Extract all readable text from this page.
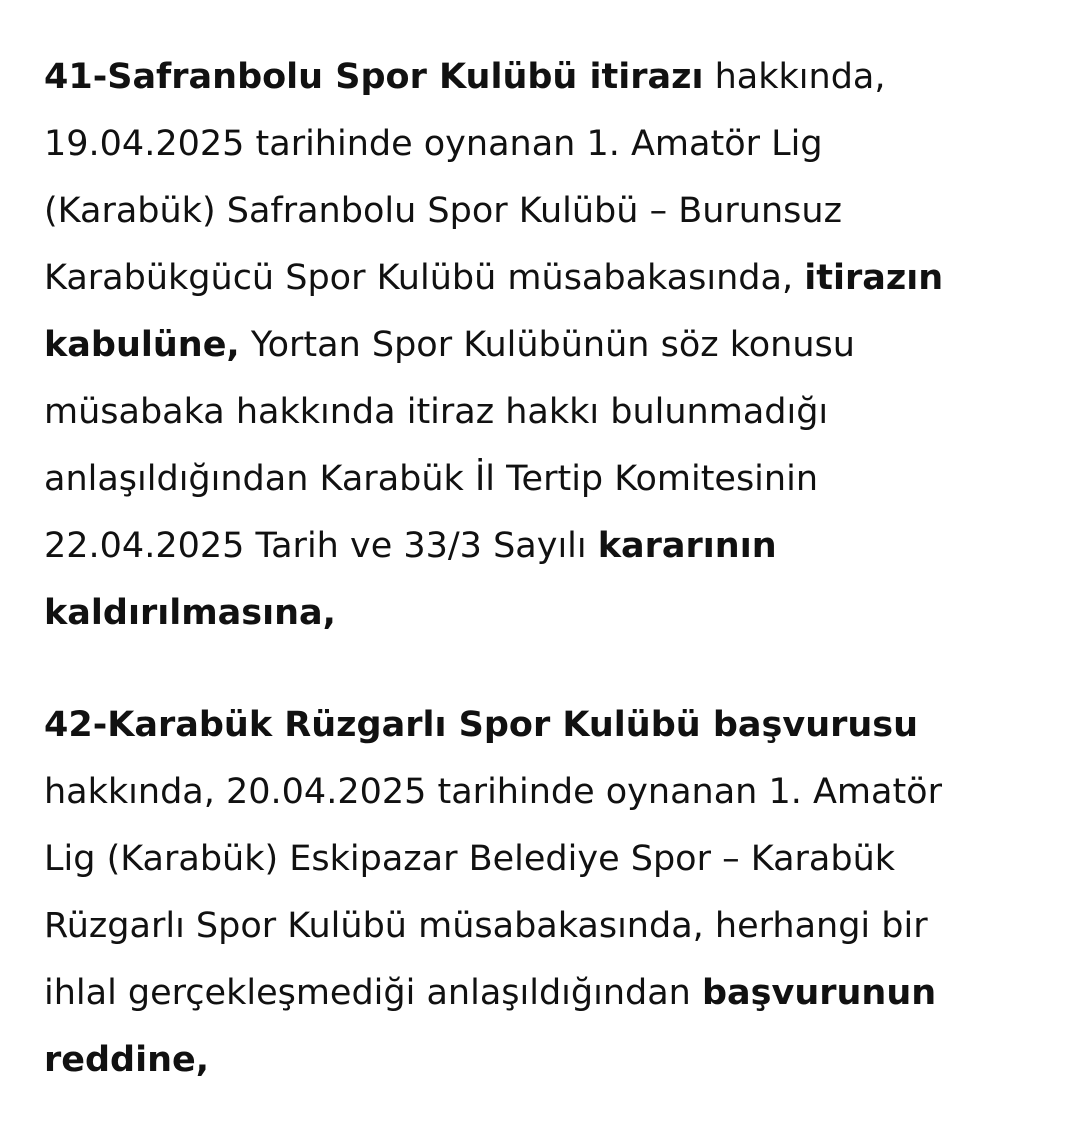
41-Safranbolu Spor Kulübü itirazı hakkında,
19.04.2025 tarihinde oynanan 1. Amatör Lig
(Karabük) Safranbolu Spor Kulübü – Burunsuz
Karabükgücü Spor Kulübü müsabakasında, itirazın
kabulüne, Yortan Spor Kulübünün söz konusu
müsabaka hakkında itiraz hakkı bulunmadığı
anlaşıldığından Karabük İl Tertip Komitesinin
22.04.2025 Tarih ve 33/3 Sayılı kararının
kaldırılmasına,

42-Karabük Rüzgarlı Spor Kulübü başvurusu
hakkında, 20.04.2025 tarihinde oynanan 1. Amatör
Lig (Karabük) Eskipazar Belediye Spor – Karabük
Rüzgarlı Spor Kulübü müsabakasında, herhangi bir
ihlal gerçekleşmediği anlaşıldığından başvurunun
reddine,
